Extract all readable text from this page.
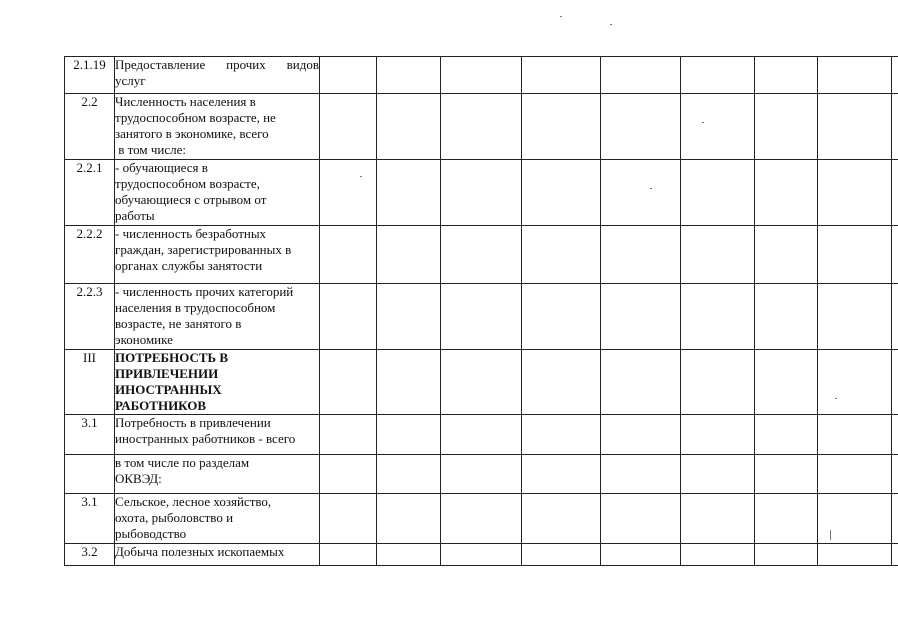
2.1.19	Предоставление прочих видов
услуг									

2.2	Численность населения в
трудоспособном возрасте, не
занятого в экономике, всего
в том числе:									

2.2.1	- обучающиеся в
трудоспособном возрасте,
обучающиеся с отрывом от
работы									

2.2.2	- численность безработных
граждан, зарегистрированных в
органах службы занятости									

2.2.3	- численность прочих категорий
населения в трудоспособном
возрасте, не занятого в
экономике									

III	ПОТРЕБНОСТЬ В
ПРИВЛЕЧЕНИИ
ИНОСТРАННЫХ
РАБОТНИКОВ									

3.1	Потребность в привлечении
иностранных работников - всего									

	в том числе по разделам
ОКВЭД:									

3.1	Сельское, лесное хозяйство,
охота, рыболовство и
рыбоводство									

3.2	Добыча полезных ископаемых									
